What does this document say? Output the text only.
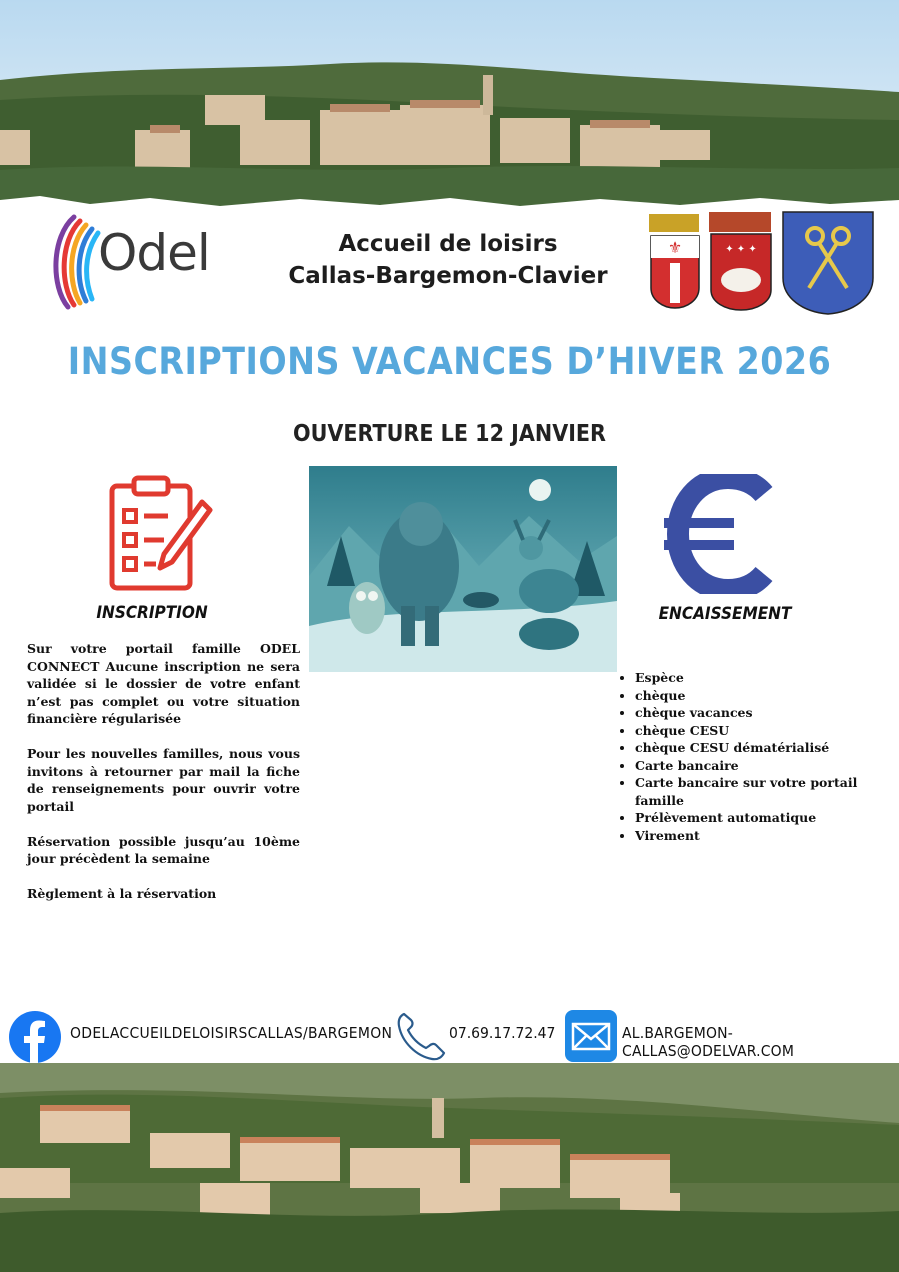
Odel	Accueil de loisirs
Callas-Bargemon-Clavier
⚜	✦ ✦ ✦
INSCRIPTIONS VACANCES D’HIVER 2026
OUVERTURE LE 12 JANVIER
INSCRIPTION

Sur votre portail famille ODEL CONNECT Aucune inscription ne sera validée si le dossier de votre enfant n’est pas complet ou votre situation financière régularisée

Pour les nouvelles familles, nous vous invitons à retourner par mail la fiche de renseignements pour ouvrir votre portail

Réservation possible jusqu’au 10ème jour précèdent la semaine

Règlement à la réservation

ENCAISSEMENT
• Espèce
• chèque
• chèque vacances
• chèque CESU
• chèque CESU dématérialisé
• Carte bancaire
• Carte bancaire sur votre portail famille
• Prélèvement automatique
• Virement
ODELACCUEILDELOISIRSCALLAS/BARGEMON	07.69.17.72.47	AL.BARGEMON-CALLAS@ODELVAR.COM
